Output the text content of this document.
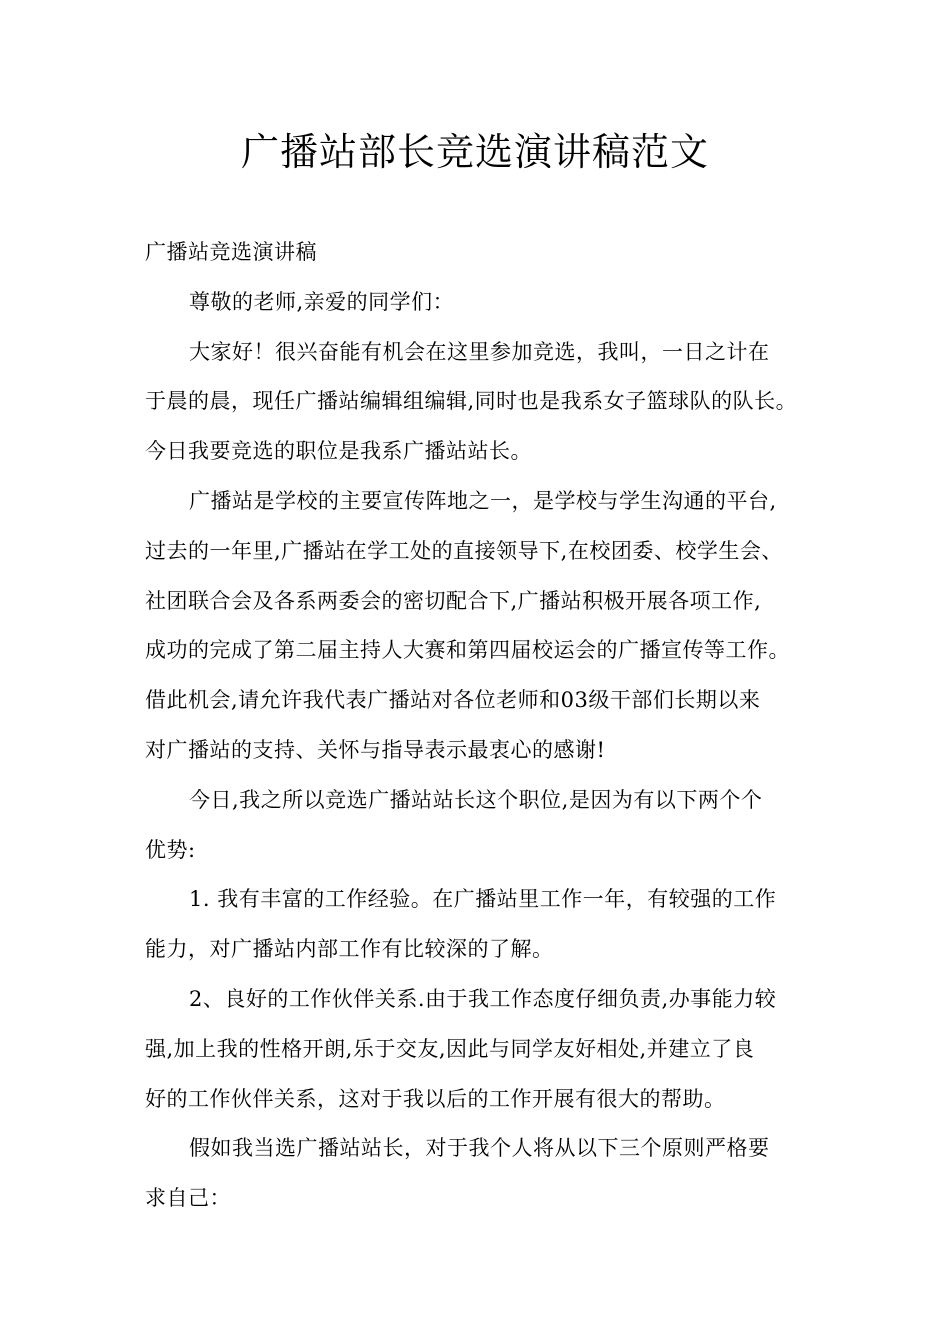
广播站部长竞选演讲稿范文
广播站竞选演讲稿
尊敬的老师,亲爱的同学们：
大家好！很兴奋能有机会在这里参加竞选，我叫，一日之计在
于晨的晨，现任广播站编辑组编辑,同时也是我系女子篮球队的队长。
今日我要竞选的职位是我系广播站站长。
广播站是学校的主要宣传阵地之一，是学校与学生沟通的平台,
过去的一年里,广播站在学工处的直接领导下,在校团委、校学生会、
社团联合会及各系两委会的密切配合下,广播站积极开展各项工作,
成功的完成了第二届主持人大赛和第四届校运会的广播宣传等工作。
借此机会,请允许我代表广播站对各位老师和03级干部们长期以来
对广播站的支持、关怀与指导表示最衷心的感谢!
今日,我之所以竞选广播站站长这个职位,是因为有以下两个个
优势:
1. 我有丰富的工作经验。在广播站里工作一年，有较强的工作
能力，对广播站内部工作有比较深的了解。
2、良好的工作伙伴关系.由于我工作态度仔细负责,办事能力较
强,加上我的性格开朗,乐于交友,因此与同学友好相处,并建立了良
好的工作伙伴关系，这对于我以后的工作开展有很大的帮助。
假如我当选广播站站长，对于我个人将从以下三个原则严格要
求自己：
